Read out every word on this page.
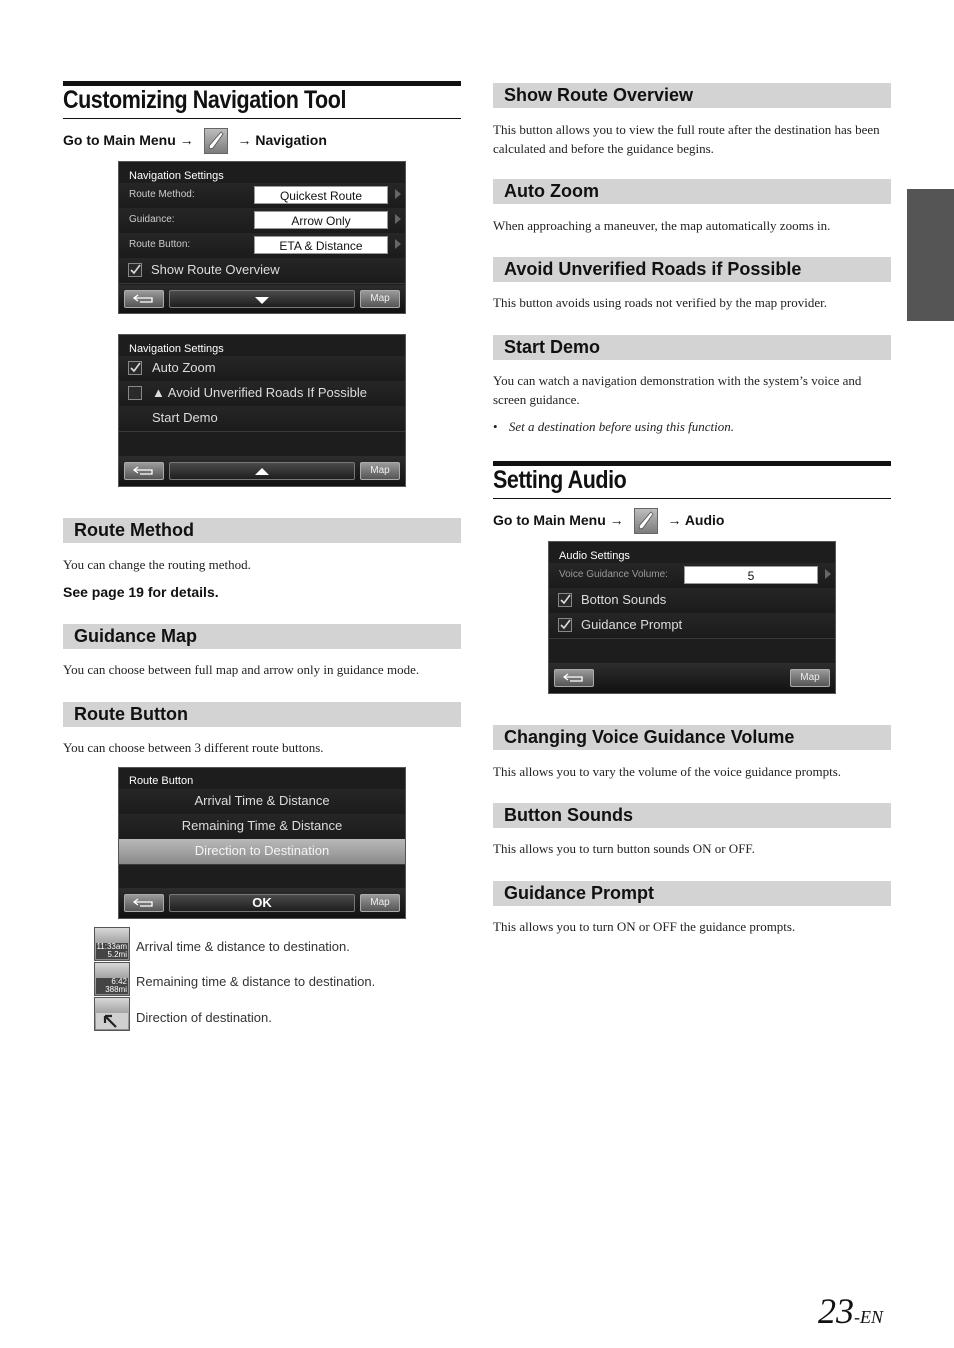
Customizing Navigation Tool
Go to Main Menu →	→ Navigation
Navigation Settings
Route Method:	Quickest Route
Guidance:	Arrow Only
Route Button:	ETA & Distance
Show Route Overview
Map
Navigation Settings
Auto Zoom
▲ Avoid Unverified Roads If Possible
Start Demo
Map
Route Method
You can change the routing method.
See page 19 for details.
Guidance Map
You can choose between full map and arrow only in guidance mode.
Route Button
You can choose between 3 different route buttons.
Route Button
Arrival Time & Distance
Remaining Time & Distance
Direction to Destination
OK	Map
11:33am
5.2mi
Arrival time & distance to destination.
6:42
388mi
Remaining time & distance to destination.
Direction of destination.
Show Route Overview
This button allows you to view the full route after the destination has been calculated and before the guidance begins.
Auto Zoom
When approaching a maneuver, the map automatically zooms in.
Avoid Unverified Roads if Possible
This button avoids using roads not verified by the map provider.
Start Demo
You can watch a navigation demonstration with the system’s voice and screen guidance.
• Set a destination before using this function.
Setting Audio
Go to Main Menu →	→ Audio
Audio Settings
Voice Guidance Volume:	5
Botton Sounds
Guidance Prompt
Map
Changing Voice Guidance Volume
This allows you to vary the volume of the voice guidance prompts.
Button Sounds
This allows you to turn button sounds ON or OFF.
Guidance Prompt
This allows you to turn ON or OFF the guidance prompts.
23-EN
